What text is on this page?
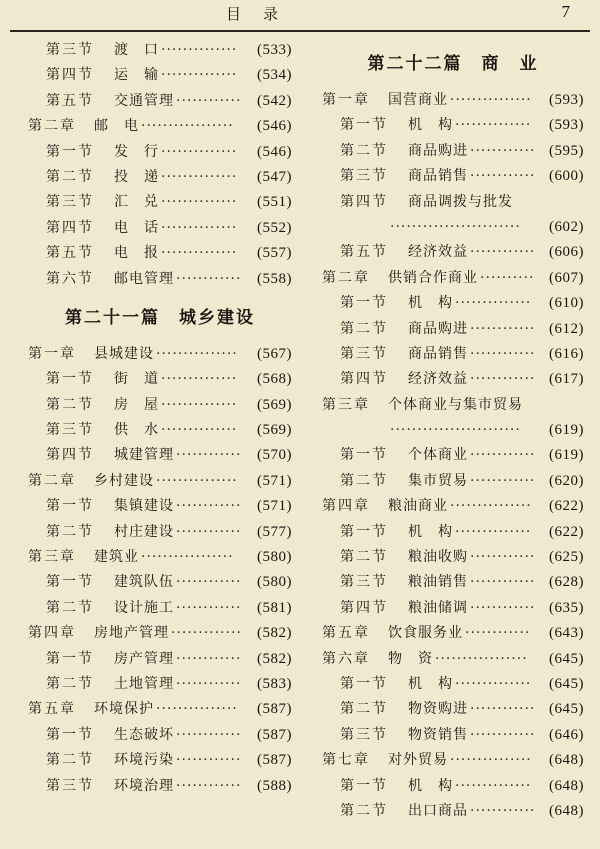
目录	7
第三节 渡　口	(533)
··············
第四节 运　输	(534)
··············
第五节 交通管理	(542)
············
第二章 邮　电	(546)
·················
第一节 发　行	(546)
··············
第二节 投　递	(547)
··············
第三节 汇　兑	(551)
··············
第四节 电　话	(552)
··············
第五节 电　报	(557)
··············
第六节 邮电管理	(558)
············
第二十一篇　城乡建设
第一章 县城建设	(567)
···············
第一节 街　道	(568)
··············
第二节 房　屋	(569)
··············
第三节 供　水	(569)
··············
第四节 城建管理	(570)
············
第二章 乡村建设	(571)
···············
第一节 集镇建设	(571)
············
第二节 村庄建设	(577)
············
第三章 建筑业	(580)
·················
第一节 建筑队伍	(580)
············
第二节 设计施工	(581)
············
第四章 房地产管理	(582)
·············
第一节 房产管理	(582)
············
第二节 土地管理	(583)
············
第五章 环境保护	(587)
···············
第一节 生态破坏	(587)
············
第二节 环境污染	(587)
············
第三节 环境治理	(588)
············
第二十二篇　商　业
第一章 国营商业	(593)
···············
第一节 机　构	(593)
··············
第二节 商品购进	(595)
············
第三节 商品销售	(600)
············
第四节 商品调拨与批发
(602)
························
第五节 经济效益	(606)
············
第二章 供销合作商业	(607)
··········
第一节 机　构	(610)
··············
第二节 商品购进	(612)
············
第三节 商品销售	(616)
············
第四节 经济效益	(617)
············
第三章 个体商业与集市贸易
(619)
························
第一节 个体商业	(619)
············
第二节 集市贸易	(620)
············
第四章 粮油商业	(622)
···············
第一节 机　构	(622)
··············
第二节 粮油收购	(625)
············
第三节 粮油销售	(628)
············
第四节 粮油储调	(635)
············
第五章 饮食服务业	(643)
············
第六章 物　资	(645)
·················
第一节 机　构	(645)
··············
第二节 物资购进	(645)
············
第三节 物资销售	(646)
············
第七章 对外贸易	(648)
···············
第一节 机　构	(648)
··············
第二节 出口商品	(648)
············
